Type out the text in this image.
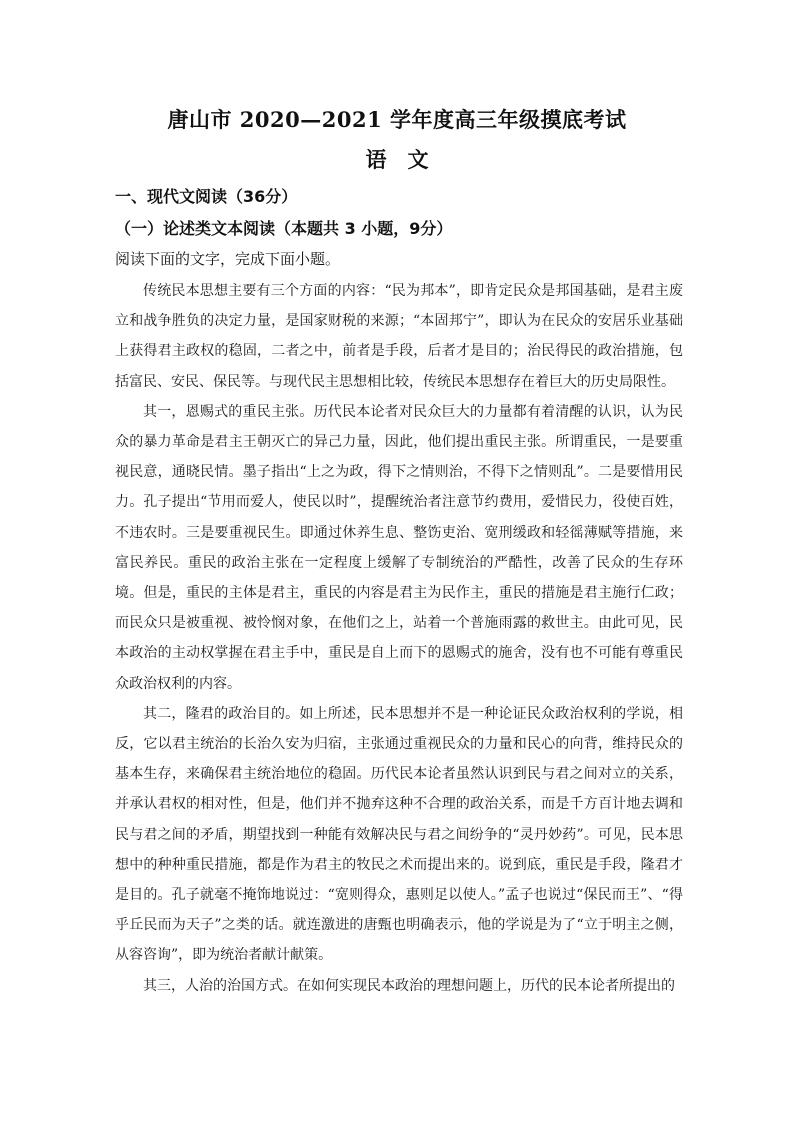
唐山市 2020—2021 学年度高三年级摸底考试
语　文
一、现代文阅读（36分）
（一）论述类文本阅读（本题共 3 小题，9分）
阅读下面的文字，完成下面小题。

传统民本思想主要有三个方面的内容：“民为邦本”，即肯定民众是邦国基础，是君主废立和战争胜负的决定力量，是国家财税的来源；“本固邦宁”，即认为在民众的安居乐业基础上获得君主政权的稳固，二者之中，前者是手段，后者才是目的；治民得民的政治措施，包括富民、安民、保民等。与现代民主思想相比较，传统民本思想存在着巨大的历史局限性。

其一，恩赐式的重民主张。历代民本论者对民众巨大的力量都有着清醒的认识，认为民众的暴力革命是君主王朝灭亡的异己力量，因此，他们提出重民主张。所谓重民，一是要重视民意，通晓民情。墨子指出“上之为政，得下之情则治，不得下之情则乱”。二是要惜用民力。孔子提出“节用而爱人，使民以时”，提醒统治者注意节约费用，爱惜民力，役使百姓，不违农时。三是要重视民生。即通过休养生息、整饬吏治、宽刑缓政和轻徭薄赋等措施，来富民养民。重民的政治主张在一定程度上缓解了专制统治的严酷性，改善了民众的生存环境。但是，重民的主体是君主，重民的内容是君主为民作主，重民的措施是君主施行仁政；而民众只是被重视、被怜悯对象，在他们之上，站着一个普施雨露的救世主。由此可见，民本政治的主动权掌握在君主手中，重民是自上而下的恩赐式的施舍，没有也不可能有尊重民众政治权利的内容。

其二，隆君的政治目的。如上所述，民本思想并不是一种论证民众政治权利的学说，相反，它以君主统治的长治久安为归宿，主张通过重视民众的力量和民心的向背，维持民众的基本生存，来确保君主统治地位的稳固。历代民本论者虽然认识到民与君之间对立的关系，并承认君权的相对性，但是，他们并不抛弃这种不合理的政治关系，而是千方百计地去调和民与君之间的矛盾，期望找到一种能有效解决民与君之间纷争的“灵丹妙药”。可见，民本思想中的种种重民措施，都是作为君主的牧民之术而提出来的。说到底，重民是手段，隆君才是目的。孔子就毫不掩饰地说过：“宽则得众，惠则足以使人。”孟子也说过“保民而王”、“得乎丘民而为天子”之类的话。就连激进的唐甄也明确表示，他的学说是为了“立于明主之侧，从容咨询”，即为统治者献计献策。

其三，人治的治国方式。在如何实现民本政治的理想问题上，历代的民本论者所提出的
